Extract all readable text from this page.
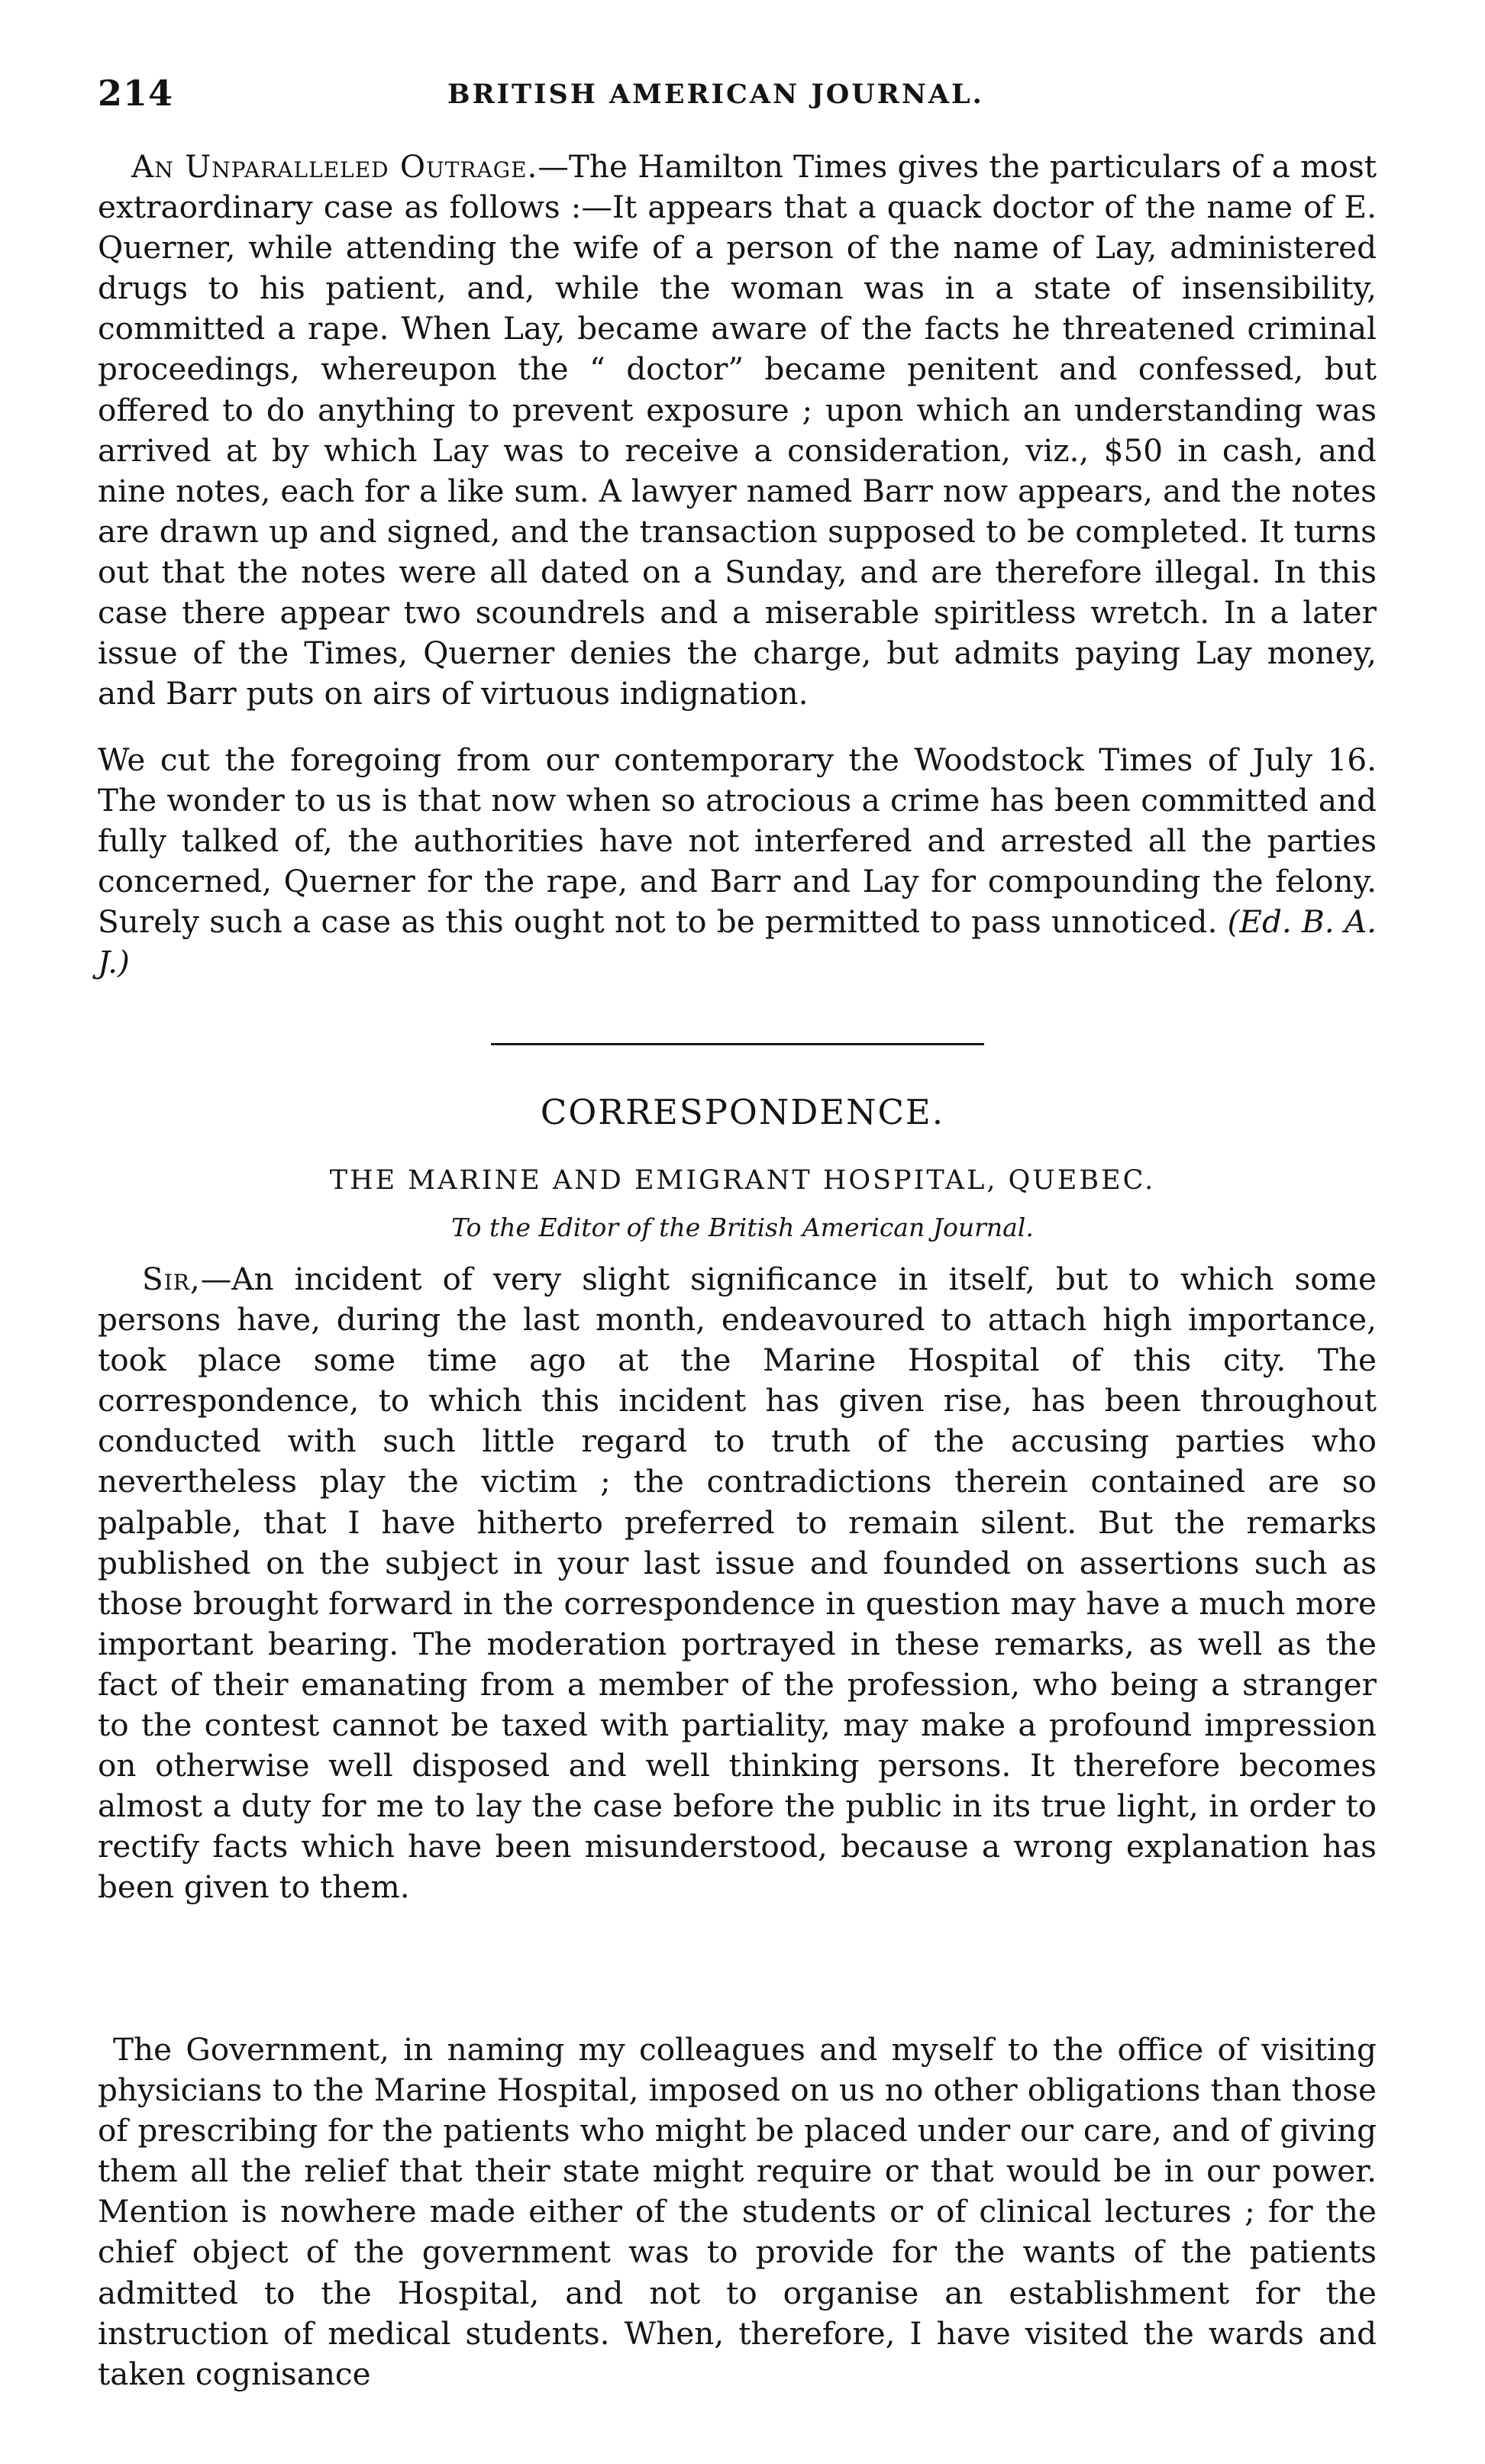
214	BRITISH AMERICAN JOURNAL.

An Unparalleled Outrage.—The Hamilton Times gives the particulars of a most extraordinary case as follows :—It appears that a quack doctor of the name of E. Querner, while attending the wife of a person of the name of Lay, administered drugs to his patient, and, while the woman was in a state of insensibility, committed a rape. When Lay, became aware of the facts he threatened criminal proceedings, whereupon the “ doctor” became penitent and confessed, but offered to do anything to prevent exposure ; upon which an understanding was arrived at by which Lay was to receive a consideration, viz., $50 in cash, and nine notes, each for a like sum. A lawyer named Barr now appears, and the notes are drawn up and signed, and the transaction supposed to be completed. It turns out that the notes were all dated on a Sunday, and are therefore illegal. In this case there appear two scoundrels and a miserable spiritless wretch. In a later issue of the Times, Querner denies the charge, but admits paying Lay money, and Barr puts on airs of virtuous indignation.

We cut the foregoing from our contemporary the Woodstock Times of July 16. The wonder to us is that now when so atrocious a crime has been committed and fully talked of, the authorities have not interfered and arrested all the parties concerned, Querner for the rape, and Barr and Lay for compounding the felony. Surely such a case as this ought not to be permitted to pass unnoticed. (Ed. B. A. J.)

CORRESPONDENCE.
THE MARINE AND EMIGRANT HOSPITAL, QUEBEC.
To the Editor of the British American Journal.

Sir,—An incident of very slight significance in itself, but to which some persons have, during the last month, endeavoured to attach high importance, took place some time ago at the Marine Hospital of this city. The correspondence, to which this incident has given rise, has been throughout conducted with such little regard to truth of the accusing parties who nevertheless play the victim ; the contradictions therein contained are so palpable, that I have hitherto preferred to remain silent. But the remarks published on the subject in your last issue and founded on assertions such as those brought forward in the correspondence in question may have a much more important bearing. The moderation portrayed in these remarks, as well as the fact of their emanating from a member of the profession, who being a stranger to the contest cannot be taxed with partiality, may make a profound impression on otherwise well disposed and well thinking persons. It therefore becomes almost a duty for me to lay the case before the public in its true light, in order to rectify facts which have been misunderstood, because a wrong explanation has been given to them.

The Government, in naming my colleagues and myself to the office of visiting physicians to the Marine Hospital, imposed on us no other obligations than those of prescribing for the patients who might be placed under our care, and of giving them all the relief that their state might require or that would be in our power. Mention is nowhere made either of the students or of clinical lectures ; for the chief object of the government was to provide for the wants of the patients admitted to the Hospital, and not to organise an establishment for the instruction of medical students. When, therefore, I have visited the wards and taken cognisance
